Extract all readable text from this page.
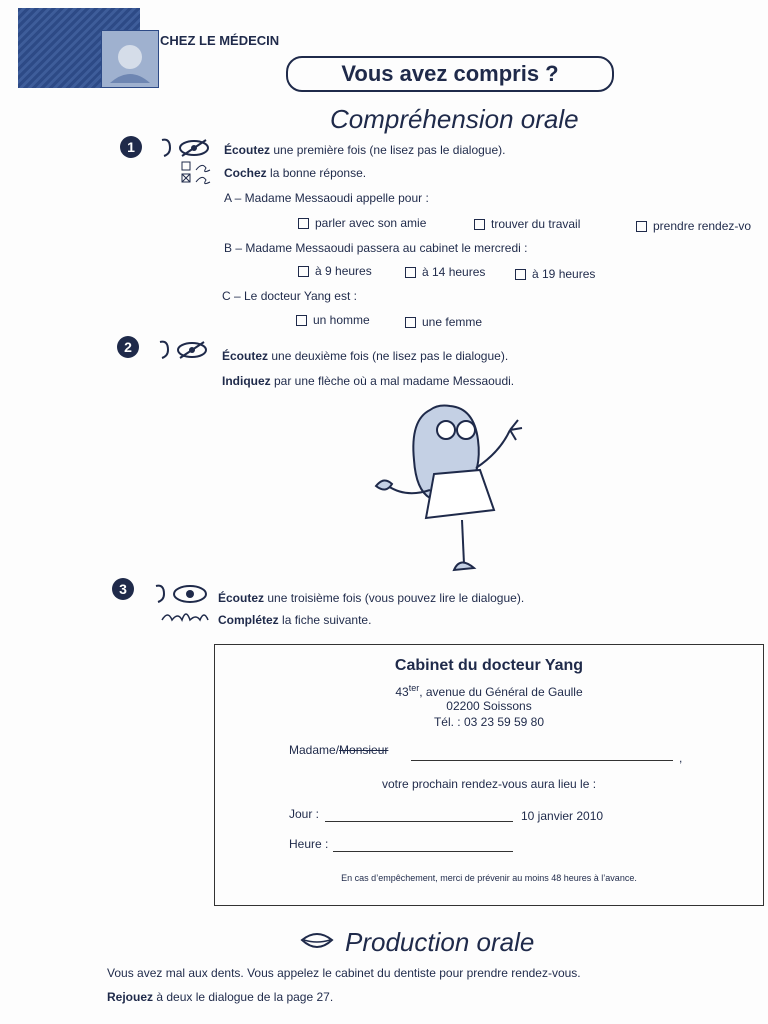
CHEZ LE MÉDECIN
Vous avez compris ?
Compréhension orale
1	Écoutez une première fois (ne lisez pas le dialogue).
Cochez la bonne réponse.
A – Madame Messaoudi appelle pour :
parler avec son amie	trouver du travail	prendre rendez-vo
B – Madame Messaoudi passera au cabinet le mercredi :
à 9 heures	à 14 heures	à 19 heures
C – Le docteur Yang est :
un homme	une femme
2
Écoutez une deuxième fois (ne lisez pas le dialogue).
Indiquez par une flèche où a mal madame Messaoudi.
3
Écoutez une troisième fois (vous pouvez lire le dialogue).
Complétez la fiche suivante.
Cabinet du docteur Yang
$43^{ter}$, avenue du Général de Gaulle
02200 Soissons
Tél. : 03 23 59 59 80
Madame/Monsieur
,
votre prochain rendez-vous aura lieu le :
Jour :	10 janvier 2010
Heure :
En cas d’empêchement, merci de prévenir au moins 48 heures à l’avance.
Production orale
Vous avez mal aux dents. Vous appelez le cabinet du dentiste pour prendre rendez-vous.
Rejouez à deux le dialogue de la page 27.
